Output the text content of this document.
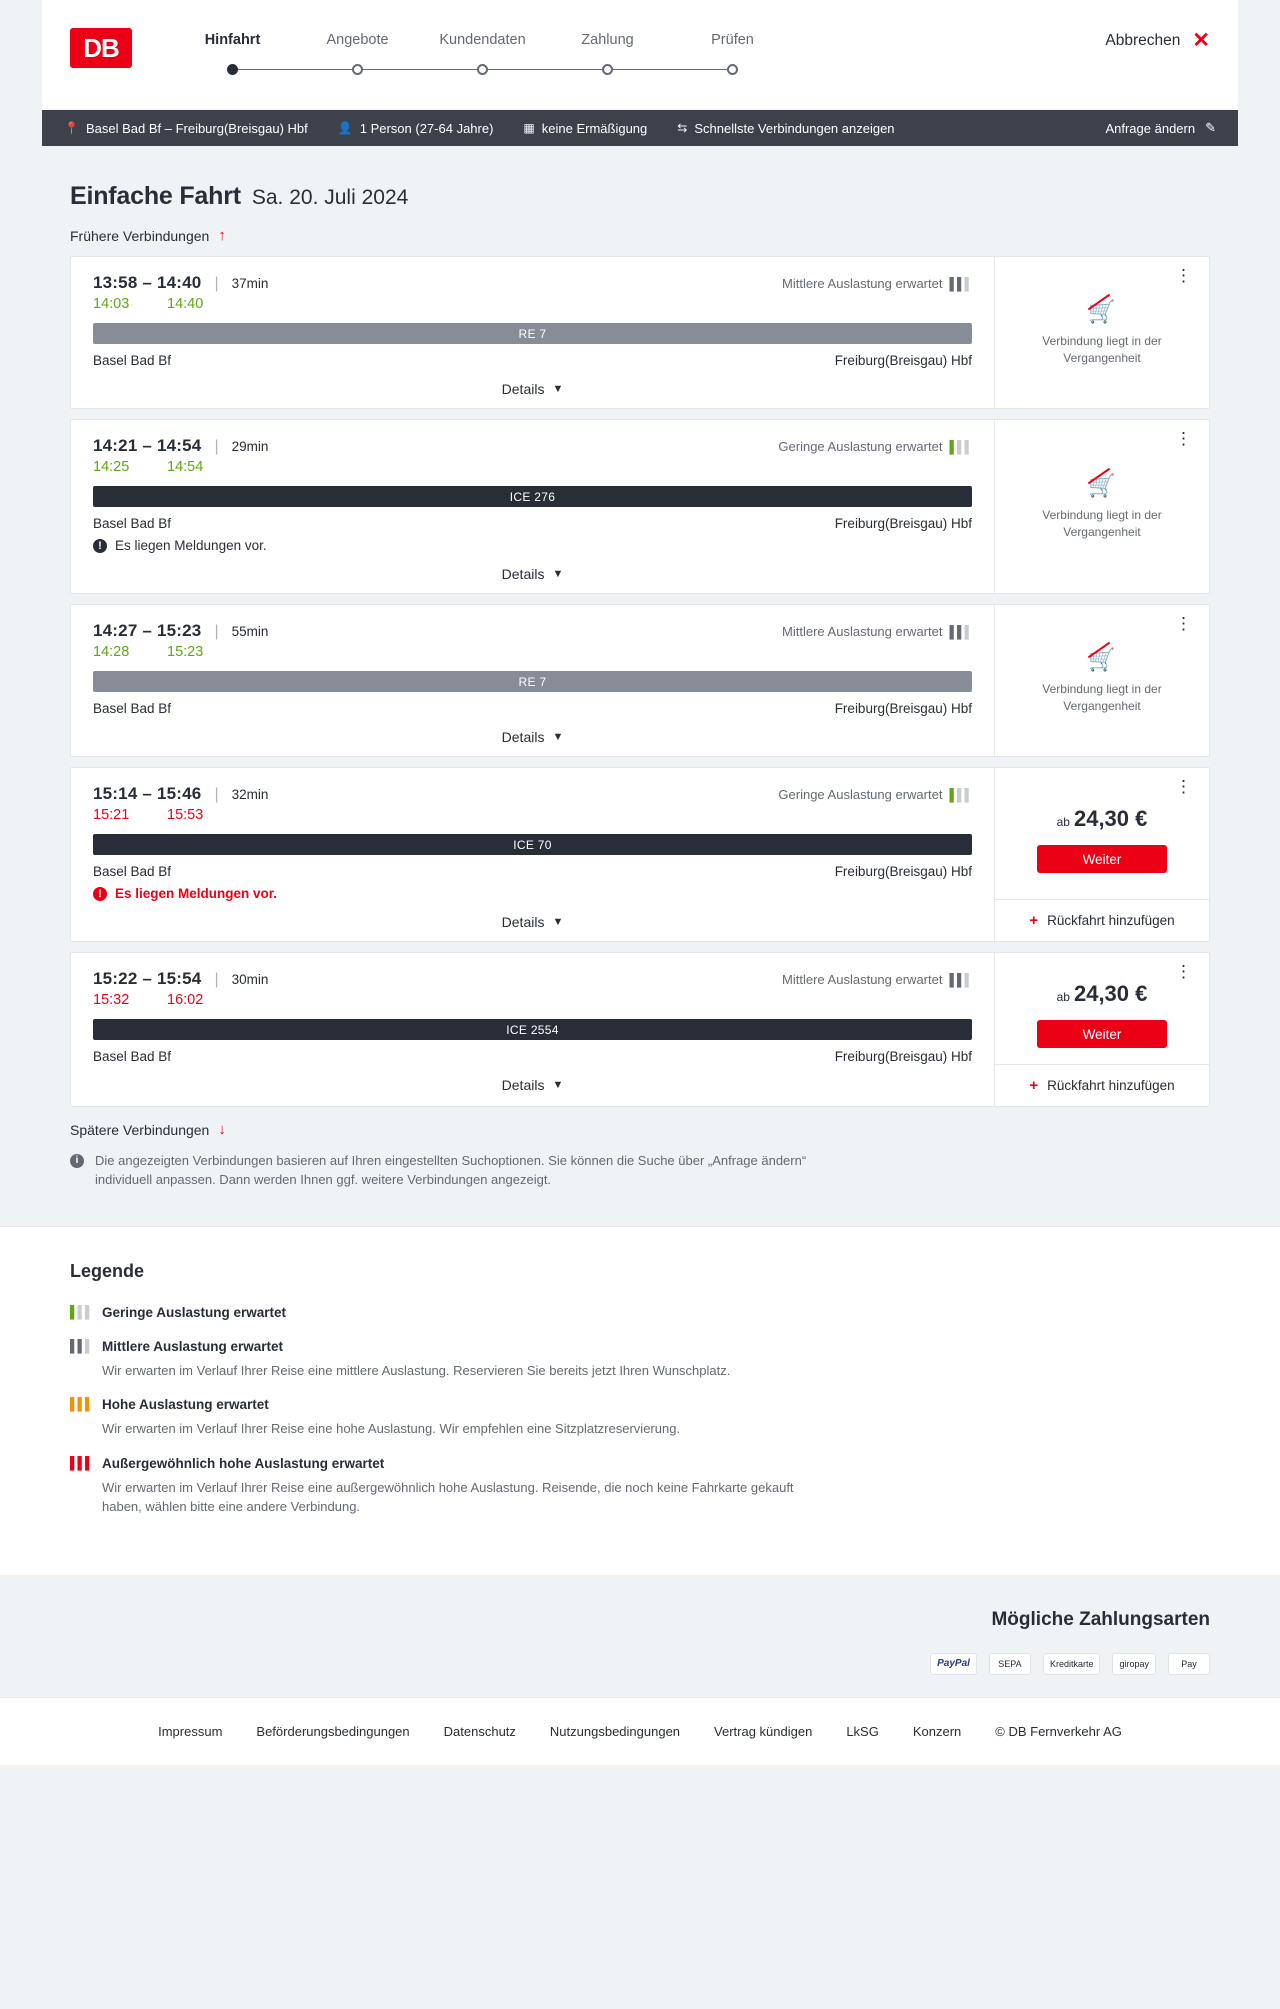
DB	Hinfahrt	Angebote	Kundendaten	Zahlung	Prüfen	Abbrechen ✕
📍 Basel Bad Bf – Freiburg(Breisgau) Hbf	👤 1 Person (27-64 Jahre)	▦ keine Ermäßigung	⇆ Schnellste Verbindungen anzeigen	Anfrage ändern ✎
Einfache Fahrt Sa. 20. Juli 2024
Frühere Verbindungen ↑
13:58 – 14:40 | 37min	Mittlere Auslastung erwartet ▌▌▌
14:03	14:40
RE 7
Basel Bad Bf	Freiburg(Breisgau) Hbf
Details ▼
⋮
🛒
Verbindung liegt in der Vergangenheit
14:21 – 14:54 | 29min	Geringe Auslastung erwartet ▌▌▌
14:25	14:54
ICE 276
Basel Bad Bf	Freiburg(Breisgau) Hbf
! Es liegen Meldungen vor.
Details ▼
⋮
🛒
Verbindung liegt in der Vergangenheit
14:27 – 15:23 | 55min	Mittlere Auslastung erwartet ▌▌▌
14:28	15:23
RE 7
Basel Bad Bf	Freiburg(Breisgau) Hbf
Details ▼
⋮
🛒
Verbindung liegt in der Vergangenheit
15:14 – 15:46 | 32min	Geringe Auslastung erwartet ▌▌▌
15:21	15:53
ICE 70
Basel Bad Bf	Freiburg(Breisgau) Hbf
! Es liegen Meldungen vor.
Details ▼
⋮
ab 24,30 €
Weiter
+ Rückfahrt hinzufügen
15:22 – 15:54 | 30min	Mittlere Auslastung erwartet ▌▌▌
15:32	16:02
ICE 2554
Basel Bad Bf	Freiburg(Breisgau) Hbf
Details ▼
⋮
ab 24,30 €
Weiter
+ Rückfahrt hinzufügen
Spätere Verbindungen ↓
i	Die angezeigten Verbindungen basieren auf Ihren eingestellten Suchoptionen. Sie können die Suche über „Anfrage ändern“ individuell anpassen. Dann werden Ihnen ggf. weitere Verbindungen angezeigt.
Legende
▌▌▌ Geringe Auslastung erwartet
▌▌▌ Mittlere Auslastung erwartet
Wir erwarten im Verlauf Ihrer Reise eine mittlere Auslastung. Reservieren Sie bereits jetzt Ihren Wunschplatz.
▌▌▌ Hohe Auslastung erwartet
Wir erwarten im Verlauf Ihrer Reise eine hohe Auslastung. Wir empfehlen eine Sitzplatzreservierung.
▌▌▌ Außergewöhnlich hohe Auslastung erwartet
Wir erwarten im Verlauf Ihrer Reise eine außergewöhnlich hohe Auslastung. Reisende, die noch keine Fahrkarte gekauft haben, wählen bitte eine andere Verbindung.
Mögliche Zahlungsarten
PayPal	SEPA	Kreditkarte	giropay	Pay
Impressum	Beförderungsbedingungen	Datenschutz	Nutzungsbedingungen	Vertrag kündigen	LkSG	Konzern	© DB Fernverkehr AG
